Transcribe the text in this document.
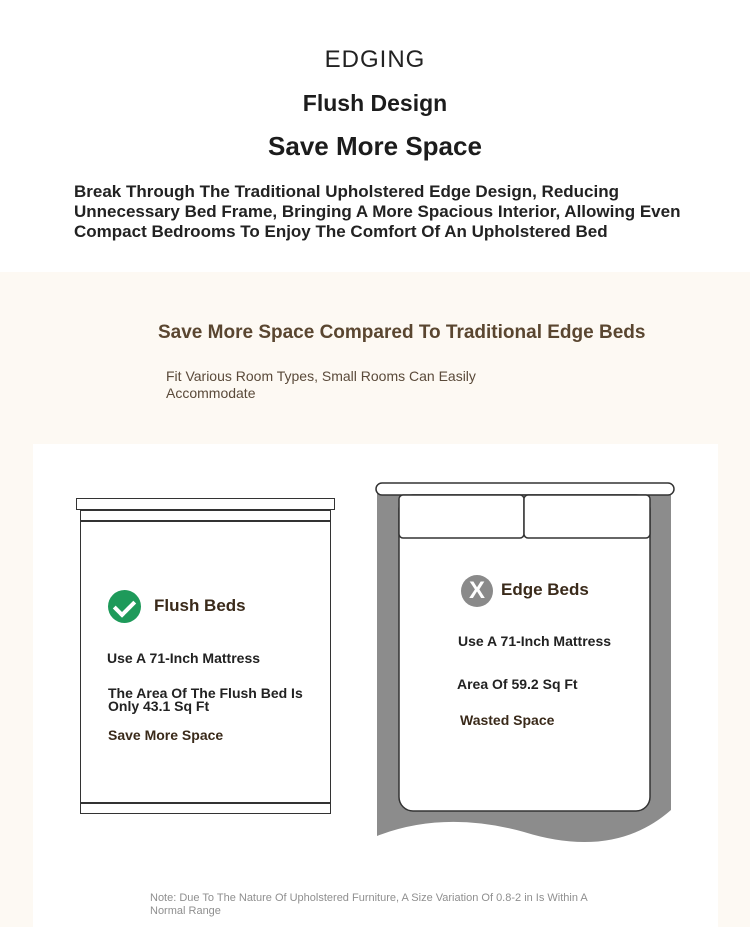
EDGING
Flush Design
Save More Space
Break Through The Traditional Upholstered Edge Design, Reducing Unnecessary Bed Frame, Bringing A More Spacious Interior, Allowing Even Compact Bedrooms To Enjoy The Comfort Of An Upholstered Bed
Save More Space Compared To Traditional Edge Beds
Fit Various Room Types, Small Rooms Can Easily Accommodate
Flush Beds
Use A 71-Inch Mattress
The Area Of The Flush Bed Is Only 43.1 Sq Ft
Save More Space
X Edge Beds
Use A 71-Inch Mattress
Area Of 59.2 Sq Ft
Wasted Space
Note: Due To The Nature Of Upholstered Furniture, A Size Variation Of 0.8-2 in Is Within A Normal Range
